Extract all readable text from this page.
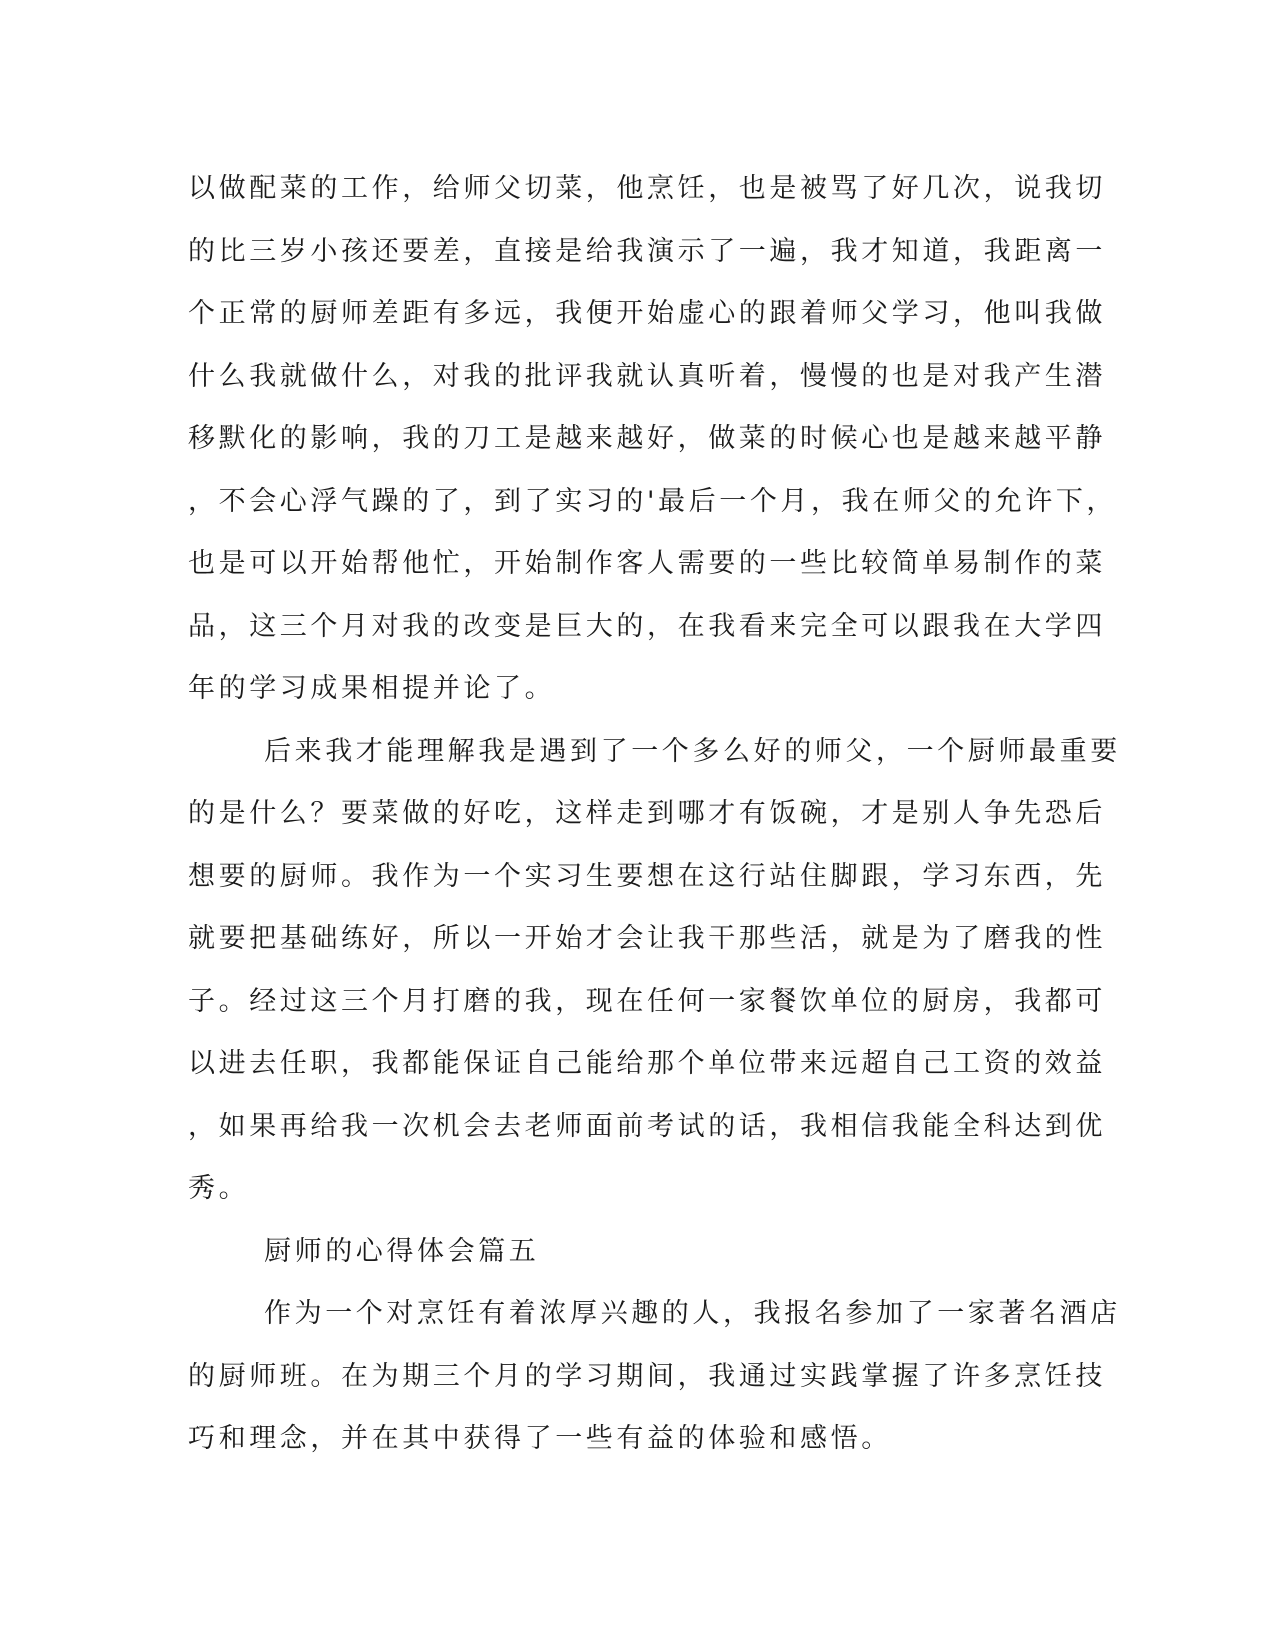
以做配菜的工作，给师父切菜，他烹饪，也是被骂了好几次，说我切
的比三岁小孩还要差，直接是给我演示了一遍，我才知道，我距离一
个正常的厨师差距有多远，我便开始虚心的跟着师父学习，他叫我做
什么我就做什么，对我的批评我就认真听着，慢慢的也是对我产生潜
移默化的影响，我的刀工是越来越好，做菜的时候心也是越来越平静
，不会心浮气躁的了，到了实习的'最后一个月，我在师父的允许下，
也是可以开始帮他忙，开始制作客人需要的一些比较简单易制作的菜
品，这三个月对我的改变是巨大的，在我看来完全可以跟我在大学四
年的学习成果相提并论了。
后来我才能理解我是遇到了一个多么好的师父，一个厨师最重要
的是什么？要菜做的好吃，这样走到哪才有饭碗，才是别人争先恐后
想要的厨师。我作为一个实习生要想在这行站住脚跟，学习东西，先
就要把基础练好，所以一开始才会让我干那些活，就是为了磨我的性
子。经过这三个月打磨的我，现在任何一家餐饮单位的厨房，我都可
以进去任职，我都能保证自己能给那个单位带来远超自己工资的效益
，如果再给我一次机会去老师面前考试的话，我相信我能全科达到优
秀。
厨师的心得体会篇五
作为一个对烹饪有着浓厚兴趣的人，我报名参加了一家著名酒店
的厨师班。在为期三个月的学习期间，我通过实践掌握了许多烹饪技
巧和理念，并在其中获得了一些有益的体验和感悟。
